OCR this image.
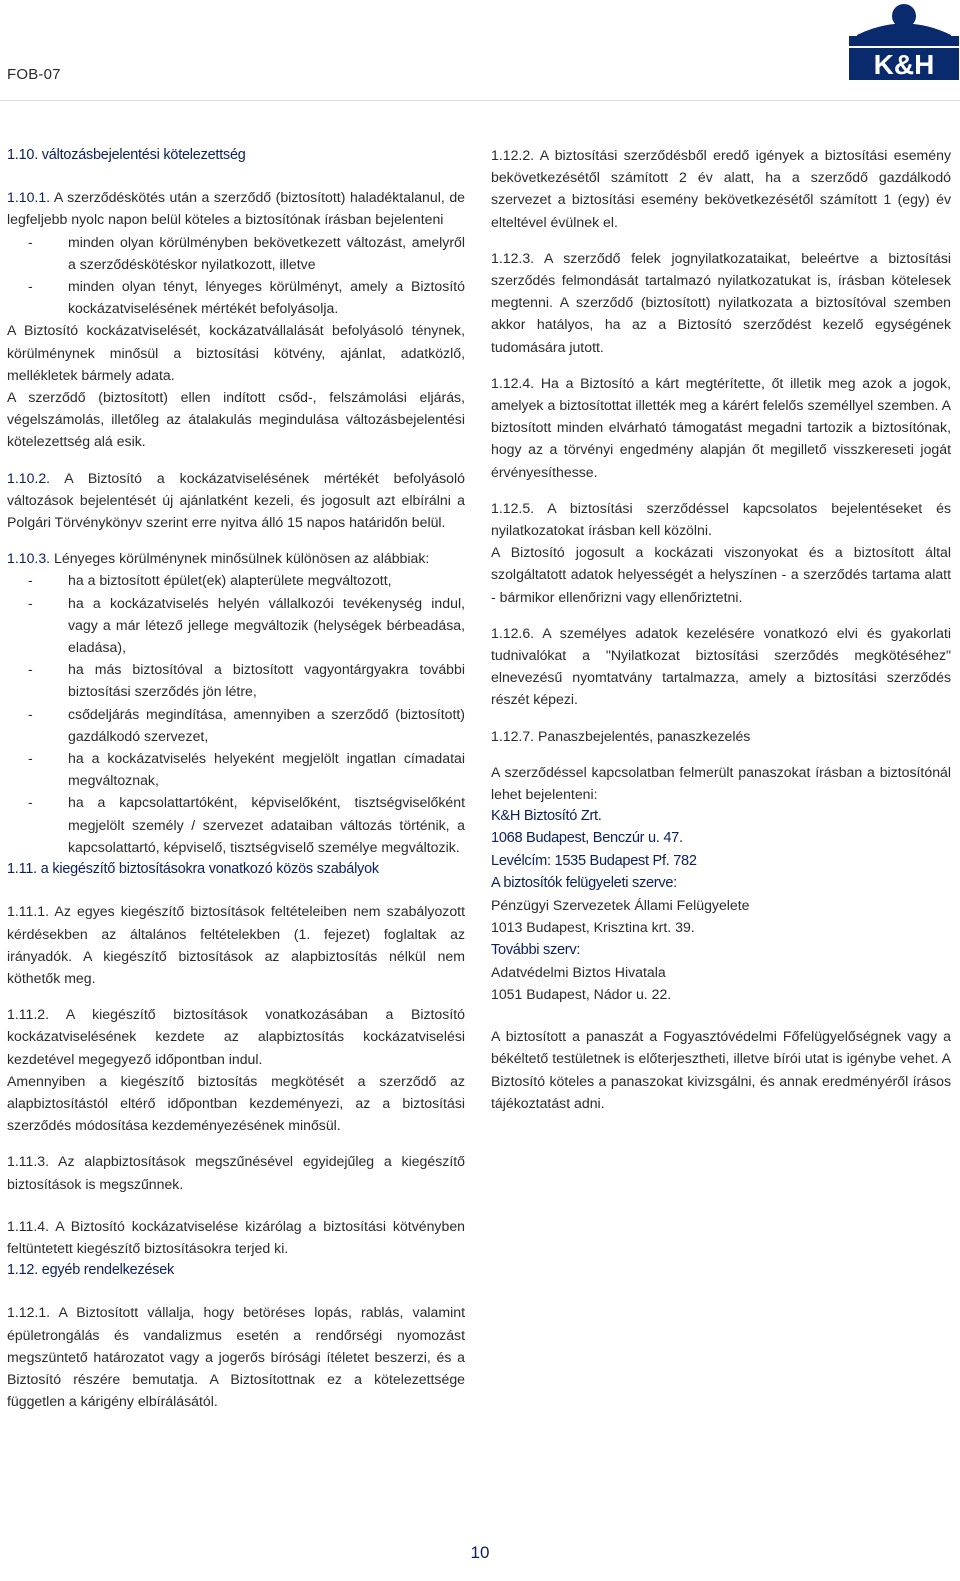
FOB-07	K&H

1.10. változásbejelentési kötelezettség

1.10.1. A szerződéskötés után a szerződő (biztosított) haladéktalanul, de legfeljebb nyolc napon belül köteles a biztosítónak írásban bejelenteni

-	minden olyan körülményben bekövetkezett változást, amelyről a szerződéskötéskor nyilatkozott, illetve

-	minden olyan tényt, lényeges körülményt, amely a Biztosító kockázatviselésének mértékét befolyásolja.

A Biztosító kockázatviselését, kockázatvállalását befolyásoló ténynek, körülménynek minősül a biztosítási kötvény, ajánlat, adatközlő, mellékletek bármely adata.

A szerződő (biztosított) ellen indított csőd-, felszámolási eljárás, végelszámolás, illetőleg az átalakulás megindulása változásbejelentési kötelezettség alá esik.

1.10.2. A Biztosító a kockázatviselésének mértékét befolyásoló változások bejelentését új ajánlatként kezeli, és jogosult azt elbírálni a Polgári Törvénykönyv szerint erre nyitva álló 15 napos határidőn belül.

1.10.3. Lényeges körülménynek minősülnek különösen az alábbiak:

-	ha a biztosított épület(ek) alapterülete megváltozott,

-	ha a kockázatviselés helyén vállalkozói tevékenység indul, vagy a már létező jellege megváltozik (helységek bérbeadása, eladása),

-	ha más biztosítóval a biztosított vagyontárgyakra további biztosítási szerződés jön létre,

-	csődeljárás megindítása, amennyiben a szerződő (biztosított) gazdálkodó szervezet,

-	ha a kockázatviselés helyeként megjelölt ingatlan címadatai megváltoznak,

-	ha a kapcsolattartóként, képviselőként, tisztségviselőként megjelölt személy / szervezet adataiban változás történik, a kapcsolattartó, képviselő, tisztségviselő személye megváltozik.

1.11. a kiegészítő biztosításokra vonatkozó közös szabályok

1.11.1. Az egyes kiegészítő biztosítások feltételeiben nem szabályozott kérdésekben az általános feltételekben (1. fejezet) foglaltak az irányadók. A kiegészítő biztosítások az alapbiztosítás nélkül nem köthetők meg.

1.11.2. A kiegészítő biztosítások vonatkozásában a Biztosító kockázatviselésének kezdete az alapbiztosítás kockázatviselési kezdetével megegyező időpontban indul.

Amennyiben a kiegészítő biztosítás megkötését a szerződő az alapbiztosítástól eltérő időpontban kezdeményezi, az a biztosítási szerződés módosítása kezdeményezésének minősül.

1.11.3. Az alapbiztosítások megszűnésével egyidejűleg a kiegészítő biztosítások is megszűnnek.

1.11.4. A Biztosító kockázatviselése kizárólag a biztosítási kötvényben feltüntetett kiegészítő biztosításokra terjed ki.

1.12. egyéb rendelkezések

1.12.1. A Biztosított vállalja, hogy betöréses lopás, rablás, valamint épületrongálás és vandalizmus esetén a rendőrségi nyomozást megszüntető határozatot vagy a jogerős bírósági ítéletet beszerzi, és a Biztosító részére bemutatja. A Biztosítottnak ez a kötelezettsége független a kárigény elbírálásától.

1.12.2. A biztosítási szerződésből eredő igények a biztosítási esemény bekövetkezésétől számított 2 év alatt, ha a szerződő gazdálkodó szervezet a biztosítási esemény bekövetkezésétől számított 1 (egy) év elteltével évülnek el.

1.12.3. A szerződő felek jognyilatkozataikat, beleértve a biztosítási szerződés felmondását tartalmazó nyilatkozatukat is, írásban kötelesek megtenni. A szerződő (biztosított) nyilatkozata a biztosítóval szemben akkor hatályos, ha az a Biztosító szerződést kezelő egységének tudomására jutott.

1.12.4. Ha a Biztosító a kárt megtérítette, őt illetik meg azok a jogok, amelyek a biztosítottat illették meg a kárért felelős személlyel szemben. A biztosított minden elvárható támogatást megadni tartozik a biztosítónak, hogy az a törvényi engedmény alapján őt megillető visszkereseti jogát érvényesíthesse.

1.12.5. A biztosítási szerződéssel kapcsolatos bejelentéseket és nyilatkozatokat írásban kell közölni.

A Biztosító jogosult a kockázati viszonyokat és a biztosított által szolgáltatott adatok helyességét a helyszínen - a szerződés tartama alatt - bármikor ellenőrizni vagy ellenőriztetni.

1.12.6. A személyes adatok kezelésére vonatkozó elvi és gyakorlati tudnivalókat a "Nyilatkozat biztosítási szerződés megkötéséhez" elnevezésű nyomtatvány tartalmazza, amely a biztosítási szerződés részét képezi.

1.12.7. Panaszbejelentés, panaszkezelés

A szerződéssel kapcsolatban felmerült panaszokat írásban a biztosítónál lehet bejelenteni:

K&H Biztosító Zrt.

1068 Budapest, Benczúr u. 47.

Levélcím: 1535 Budapest Pf. 782

A biztosítók felügyeleti szerve:

Pénzügyi Szervezetek Állami Felügyelete

1013 Budapest, Krisztina krt. 39.

További szerv:

Adatvédelmi Biztos Hivatala

1051 Budapest, Nádor u. 22.

A biztosított a panaszát a Fogyasztóvédelmi Főfelügyelőségnek vagy a békéltető testületnek is előterjesztheti, illetve bírói utat is igénybe vehet. A Biztosító köteles a panaszokat kivizsgálni, és annak eredményéről írásos tájékoztatást adni.

10
